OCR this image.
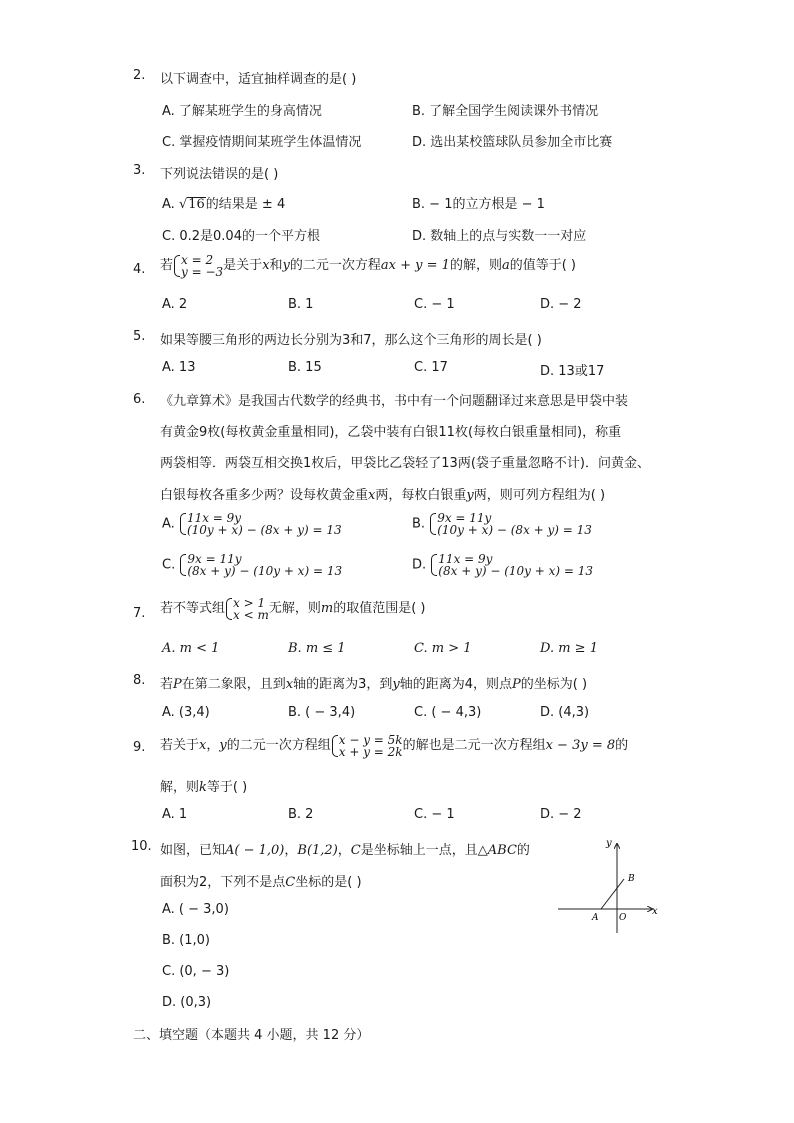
2.	以下调查中，适宜抽样调查的是( )
A. 了解某班学生的身高情况	B. 了解全国学生阅读课外书情况
C. 掌握疫情期间某班学生体温情况	D. 选出某校篮球队员参加全市比赛
3.	下列说法错误的是( )
A. √16的结果是 ± 4	B. − 1的立方根是 − 1
C. 0.2是0.04的一个平方根	D. 数轴上的点与实数一一对应
4.	若 x = 2
y = −3 是关于x和y的二元一次方程ax + y = 1的解，则a的值等于( )
A. 2	B. 1	C. − 1	D. − 2
5.	如果等腰三角形的两边长分别为3和7，那么这个三角形的周长是( )
A. 13	B. 15	C. 17	D. 13或17
6.	《九章算术》是我国古代数学的经典书，书中有一个问题翻译过来意思是甲袋中装
有黄金9枚(每枚黄金重量相同)，乙袋中装有白银11枚(每枚白银重量相同)，称重
两袋相等．两袋互相交换1枚后，甲袋比乙袋轻了13两(袋子重量忽略不计)．问黄金、
白银每枚各重多少两？设每枚黄金重x两，每枚白银重y两，则可列方程组为( )
A. 11x = 9y
(10y + x) − (8x + y) = 13	B. 9x = 11y
(10y + x) − (8x + y) = 13
C. 9x = 11y
(8x + y) − (10y + x) = 13	D. 11x = 9y
(8x + y) − (10y + x) = 13
7.	若不等式组 x > 1
x < m 无解，则m的取值范围是( )
A. m < 1	B. m ≤ 1	C. m > 1	D. m ≥ 1
8.	若P在第二象限，且到x轴的距离为3，到y轴的距离为4，则点P的坐标为( )
A. (3,4)	B. ( − 3,4)	C. ( − 4,3)	D. (4,3)
9.	若关于x，y的二元一次方程组 x − y = 5k
x + y = 2k 的解也是二元一次方程组x − 3y = 8的
解，则k等于( )
A. 1	B. 2	C. − 1	D. − 2
10. 如图，已知A( − 1,0)，B(1,2)，C是坐标轴上一点，且△ABC的
面积为2，下列不是点C坐标的是( )
A. ( − 3,0)
B. (1,0)
C. (0, − 3)
D. (0,3)
y
x
A O
B
二、填空题（本题共 4 小题，共 12 分）
